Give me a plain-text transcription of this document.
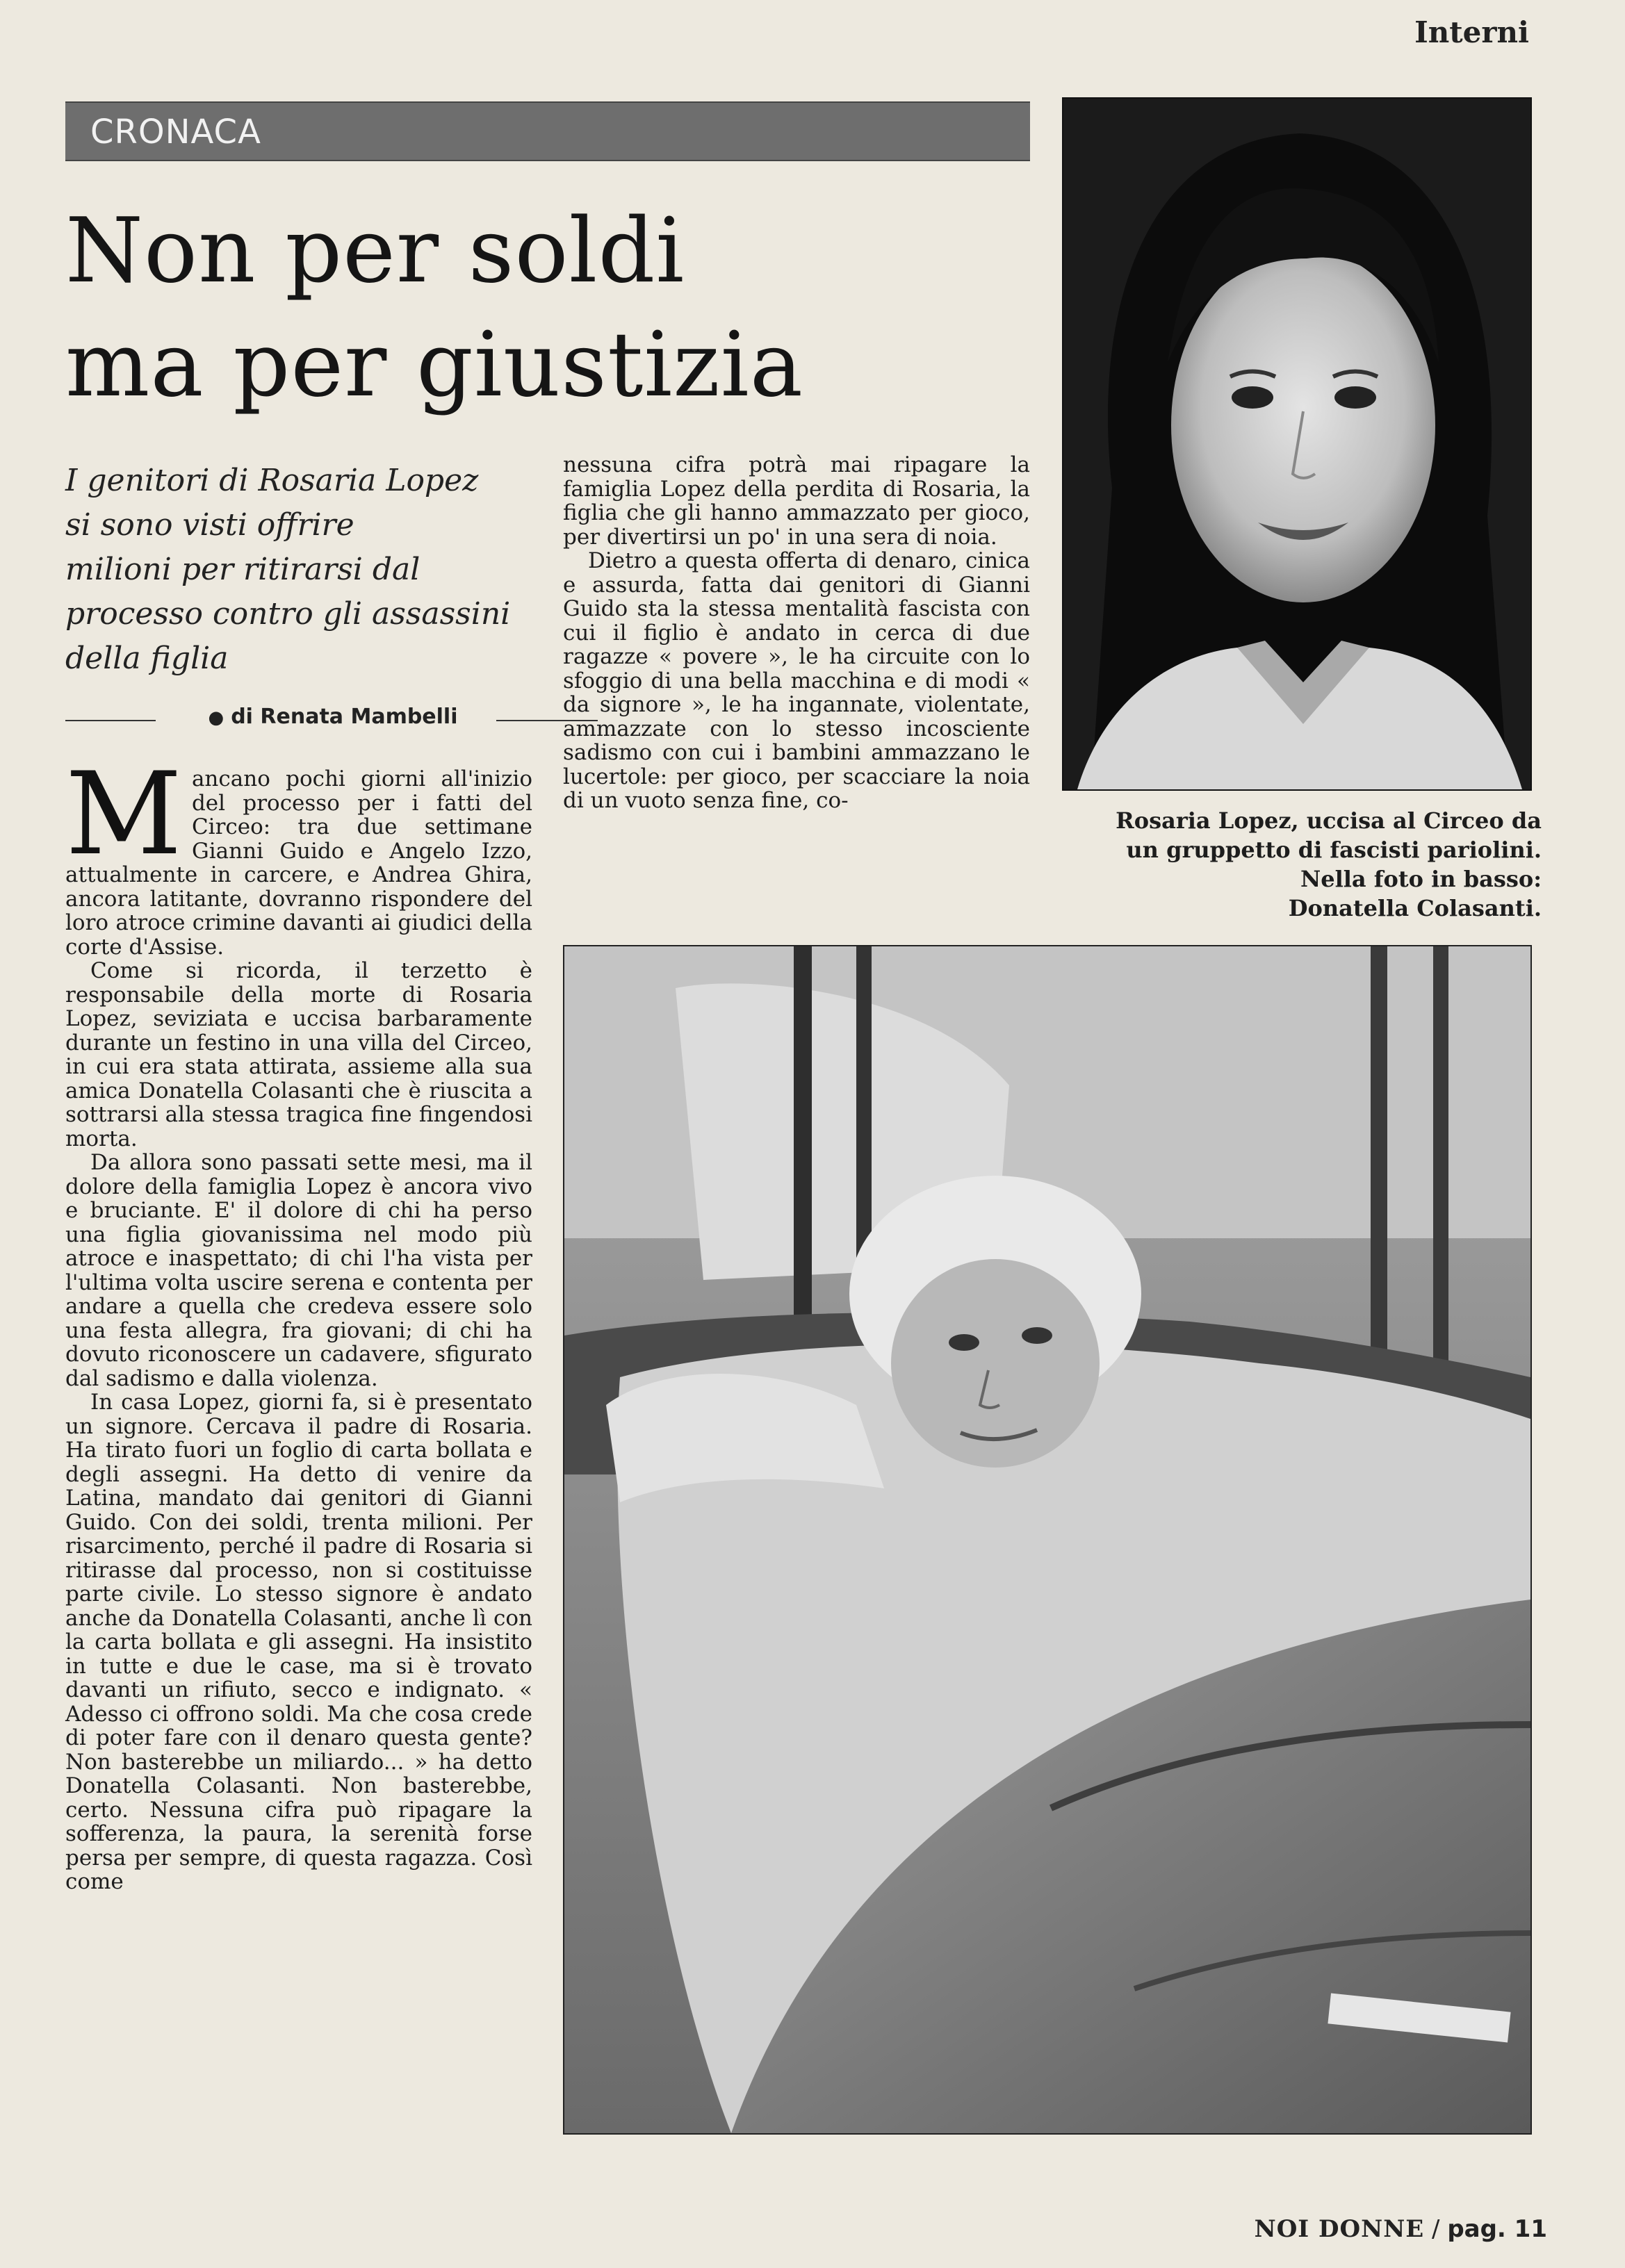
Interni
CRONACA
Non per soldi
ma per giustizia
I genitori di Rosaria Lopez
si sono visti offrire
milioni per ritirarsi dal
processo contro gli assassini
della figlia
● di Renata Mambelli

Mancano pochi giorni all'inizio del processo per i fatti del Circeo: tra due settimane Gianni Guido e Angelo Izzo, attualmente in carcere, e Andrea Ghira, ancora latitante, dovranno rispondere del loro atroce crimine davanti ai giudici della corte d'Assise.

Come si ricorda, il terzetto è responsabile della morte di Rosaria Lopez, seviziata e uccisa barbaramente durante un festino in una villa del Circeo, in cui era stata attirata, assieme alla sua amica Donatella Colasanti che è riuscita a sottrarsi alla stessa tragica fine fingendosi morta.

Da allora sono passati sette mesi, ma il dolore della famiglia Lopez è ancora vivo e bruciante. E' il dolore di chi ha perso una figlia giovanissima nel modo più atroce e inaspettato; di chi l'ha vista per l'ultima volta uscire serena e contenta per andare a quella che credeva essere solo una festa allegra, fra giovani; di chi ha dovuto riconoscere un cadavere, sfigurato dal sadismo e dalla violenza.

In casa Lopez, giorni fa, si è presentato un signore. Cercava il padre di Rosaria. Ha tirato fuori un foglio di carta bollata e degli assegni. Ha detto di venire da Latina, mandato dai genitori di Gianni Guido. Con dei soldi, trenta milioni. Per risarcimento, perché il padre di Rosaria si ritirasse dal processo, non si costituisse parte civile. Lo stesso signore è andato anche da Donatella Colasanti, anche lì con la carta bollata e gli assegni. Ha insistito in tutte e due le case, ma si è trovato davanti un rifiuto, secco e indignato. « Adesso ci offrono soldi. Ma che cosa crede di poter fare con il denaro questa gente? Non basterebbe un miliardo... » ha detto Donatella Colasanti. Non basterebbe, certo. Nessuna cifra può ripagare la sofferenza, la paura, la serenità forse persa per sempre, di questa ragazza. Così come

nessuna cifra potrà mai ripagare la famiglia Lopez della perdita di Rosaria, la figlia che gli hanno ammazzato per gioco, per divertirsi un po' in una sera di noia.

Dietro a questa offerta di denaro, cinica e assurda, fatta dai genitori di Gianni Guido sta la stessa mentalità fascista con cui il figlio è andato in cerca di due ragazze « povere », le ha circuite con lo sfoggio di una bella macchina e di modi « da signore », le ha ingannate, violentate, ammazzate con lo stesso incosciente sadismo con cui i bambini ammazzano le lucertole: per gioco, per scacciare la noia di un vuoto senza fine, co-

Rosaria Lopez, uccisa al Circeo da
un gruppetto di fascisti pariolini.
Nella foto in basso:
Donatella Colasanti.
NOI DONNE / pag. 11
